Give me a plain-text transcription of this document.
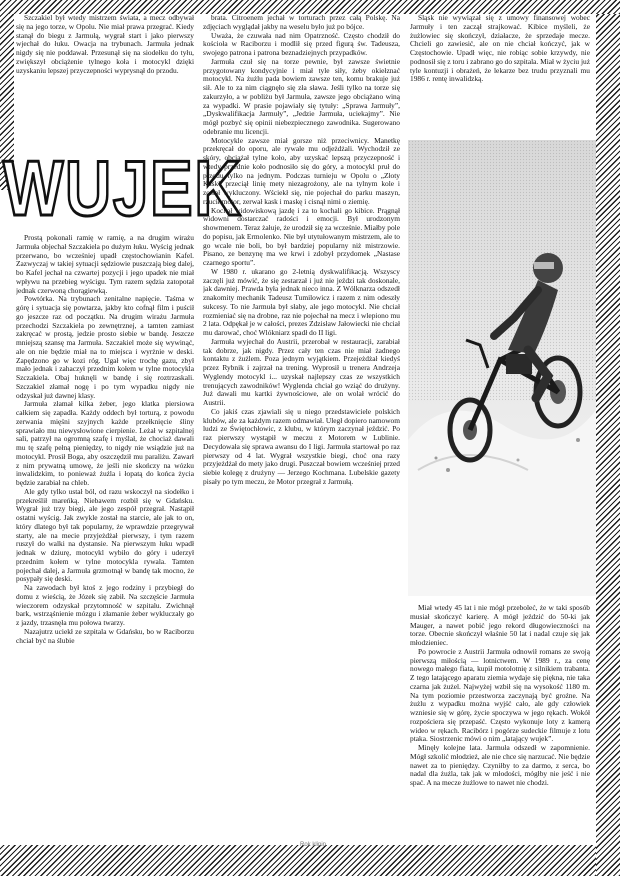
Szczakiel był wtedy mistrzem świata, a mecz odbywał się na jego torze, w Opolu. Nie miał prawa przegrać. Kiedy stanął do biegu z Jarmułą, wygrał start i jako pierwszy wjechał do łuku. Owacja na trybunach. Jarmuła jednak nigdy się nie poddawał. Przesunął się na siodełku do tyłu, zwiększył obciążenie tylnego koła i motocykl dzięki uzyskaniu lepszej przyczepności wyprysnął do przodu.

WUJEK

Prostą pokonali ramię w ramię, a na drugim wirażu Jarmuła objechał Szczakiela po dużym łuku. Wyścig jednak przerwano, bo wcześniej upadł częstochowianin Kafel. Zazwyczaj w takiej sytuacji sędziowie puszczają bieg dalej, bo Kafel jechał na czwartej pozycji i jego upadek nie miał wpływu na przebieg wyścigu. Tym razem sędzia zatopotał jednak czerwoną chorągiewką.

Powtórka. Na trybunach zenitalne napięcie. Taśma w górę i sytuacja się powtarza, jakby kto cofnął film i puścił go jeszcze raz od początku. Na drugim wirażu Jarmuła przechodzi Szczakiela po zewnętrznej, a tamten zamiast zakręcać w prostą, jedzie prosto siebie w bandę. Jeszcze mniejszą szansę ma Jarmuła. Szczakiel może się wywinąć, ale on nie będzie miał na to miejsca i wyrżnie w deski. Zapędzono go w kozi róg. Ugał więc trochę gazu, zbył mało jednak i zahaczył przednim kołem w tylne motocykla Szczakiela. Obaj huknęli w bandę i się roztrzaskali. Szczakiel złamał nogę i po tym wypadku nigdy nie odzyskał już dawnej klasy.

Jarmuła złamał kilka żeber, jego klatka piersiowa całkiem się zapadła. Każdy oddech był torturą, z powodu zerwania mięśni szyjnych każde przełknięcie śliny sprawiało mu niewysłowione cierpienie. Leżał w szpitalnej sali, patrzył na ogromną szafę i myślał, że chociaż dawali mu tę szafę pełną pieniędzy, to nigdy nie wsiądzie już na motocykl. Prosił Boga, aby oszczędził mu paraliżu. Zawarł z nim prywatną umowę, że jeśli nie skończy na wózku inwalidzkim, to ponieważ żużla i łopatą do końca życia będzie zarabiał na chleb.

Ale gdy tylko ustał ból, od razu wskoczył na siodełko i przekreślił mareńką. Niebawem rozbił się w Gdańsku. Wygrał już trzy biegi, ale jego zespół przegrał. Nastąpił ostatni wyścig. Jak zwykle został na starcie, ale jak to on, który dlatego był tak popularny, że wprawdzie przegrywał starty, ale na mecie przyjeżdżał pierwszy, i tym razem ruszył do walki na dystansie. Na pierwszym łuku wpadł jednak w dziurę, motocykl wybiło do góry i uderzył przednim kołem w tylne motocykla rywala. Tamten pojechał dalej, a Jarmuła grzmotnął w bandę tak mocno, że posypały się deski.

Na zawodach był ktoś z jego rodziny i przybiegł do domu z wieścią, że Józek się zabił. Na szczęście Jarmuła wieczorem odzyskał przytomność w szpitalu. Zwichnął bark, wstrząśnienie mózgu i złamanie żeber wykluczały go z jazdy, trzasnęła mu połowa twarzy.

Nazajutrz uciekł ze szpitala w Gdańsku, bo w Raciborzu chciał być na ślubie

brata. Citroenem jechał w torturach przez całą Polskę. Na zdjęciach wyglądał jakby na weselu było już po bójce.

Uważa, że czuwała nad nim Opatrzność. Często chodził do kościoła w Raciborzu i modlił się przed figurą św. Tadeusza, swojego patrona i patrona beznadziejnych przypadków.

Jarmuła czuł się na torze pewnie, był zawsze świetnie przygotowany kondycyjnie i miał tyle siły, żeby okiełznać motocykl. Na żużlu pada bowiem zawsze ten, komu brakuje już sił. Ale to za nim ciągnęło się zła sława. Jeśli tylko na torze się zakurzyło, a w pobliżu był Jarmuła, zawsze jego obciążano winą za wypadki. W prasie pojawiały się tytuły: „Sprawa Jarmuły”, „Dyskwalifikacja Jarmuły”, „Jedzie Jarmuła, uciekajmy”. Nie mógł pozbyć się opinii niebezpiecznego zawodnika. Sugerowano odebranie mu licencji.

Motocykle zawsze miał gorsze niż przeciwnicy. Manetkę przekręcał do oporu, ale rywale mu odjeżdżali. Wychodził ze skóry, obciążał tylne koło, aby uzyskać lepszą przyczepność i wtedy przednie koło podnosiło się do góry, a motocykl pruł do przodu tylko na jednym. Podczas turnieju w Opolu o „Złoty Kask” przeciął linię mety niezagrożony, ale na tylnym kole i został wykluczony. Wściekł się, nie pojechał do parku maszyn, rzucił motor, zerwał kask i maskę i cisnął nimi o ziemię.

Kochał widowiskową jazdę i za to kochali go kibice. Prągnął widowni dostarczać radości i emocji. Był urodzonym showmenem. Teraz żałuje, że urodził się za wcześnie. Miałby pole do popisu, jak Ermolenko. Nie był utytułowanym mistrzem, ale to go wcale nie boli, bo był bardziej popularny niż mistrzowie. Pisano, ze benzynę ma we krwi i zdobył przydomek „Nastase czarnego sportu”.

W 1980 r. ukarano go 2-letnią dyskwalifikacją. Wszyscy zaczęli już mówić, że się zestarzał i już nie jeździ tak doskonale, jak dawniej. Prawda była jednak nieco inna. Z Wólknarza odszedł znakomity mechanik Tadeusz Tumilowicz i razem z nim odeszły sukcesy. To nie Jarmuła był słaby, ale jego motocykl. Nie chciał rozmieniać się na drobne, raz nie pojechał na mecz i wlepiono mu 2 lata. Odpękał je w całości, prezes Zdzisław Jałowiecki nie chciał mu darować, choć Wlókniarz spadł do II ligi.

Jarmuła wyjechał do Austrii, przerobał w restauracji, zarabiał tak dobrze, jak nigdy. Przez cały ten czas nie miał żadnego kontaktu z żużlem. Poza jednym wyjątkiem. Przejeżdżał kiedyś przez Rybnik i zajrzał na trening. Wyprosił u trenera Andrzeja Wyglendy motocykl i... uzyskał najlepszy czas ze wszystkich trenujących zawodników! Wyglenda chciał go wziąć do drużyny. Już dawali mu kartki żywnościowe, ale on wolał wrócić do Austrii.

Co jakiś czas zjawiali się u niego przedstawiciele polskich klubów, ale za każdym razem odmawiał. Uległ dopiero namowom ludzi ze Świętochłowic, z klubu, w którym zaczynał jeździć. Po raz pierwszy wystąpił w meczu z Motorem w Lublinie. Decydowała się sprawa awansu do I ligi. Jarmuła startował po raz pierwszy od 4 lat. Wygrał wszystkie biegi, choć ona razy przyjeżdżał do mety jako drugi. Puszczał bowiem wcześniej przed siebie kolegę z drużyny — Jerzego Kochmana. Lubelskie gazety pisały po tym meczu, że Motor przegrał z Jarmułą.

Śląsk nie wywiązał się z umowy finansowej wobec Jarmuły i ten zaczął strajkować. Kibice myśleli, że żużlowiec się skończył, działacze, że sprzedaje mecze. Chcieli go zawiesić, ale on nie chciał kończyć, jak w Częstochowie. Upadł więc, nie robiąc sobie krzywdy, nie podnosił się z toru i zabrano go do szpitala. Miał w życiu już tyle kontuzji i obrażeń, że lekarze bez trudu przyznali mu 1986 r. rentę inwalidzką.

Miał wtedy 45 lat i nie mógł przeboleć, że w taki sposób musiał skończyć karierę. A mógł jeździć do 50-ki jak Mauger, a nawet pobić jego rekord długowieczności na torze. Obecnie skończył właśnie 50 lat i nadal czuje się jak młodzieniec.

Po powrocie z Austrii Jarmuła odnowił romans ze swoją pierwszą miłością — lotnictwem. W 1989 r., za cenę nowego małego fiata, kupił motolotnię z silnikiem trabanta. Z tego latającego aparatu ziemia wydaje się piękna, nie taka czarna jak żużel. Najwyżej wzbił się na wysokość 1180 m. Na tym poziomie przestworza zaczynają być groźne. Na żużlu z wypadku można wyjść cało, ale gdy człowiek wzniesie się w górę, życie spoczywa w jego rękach. Wokół rozpościera się przepaść. Często wykonuje loty z kamerą wideo w rękach. Racibórz i pogórze sudeckie filmuje z lotu ptaka. Siostrzenic mówi o nim „latający wujek”.

Minęły kolejne lata. Jarmuła odszedł w zapomnienie. Mógł szkolić młodzież, ale nie chce się narzucać. Nie będzie nawet za to pieniędzy. Czyniłby to za darmo, z serca, bo nadal dla żużla, tak jak w młodości, mógłby nie jeść i nie spać. A na mecze żużlowe to nawet nie chodzi.

Rok klipin
